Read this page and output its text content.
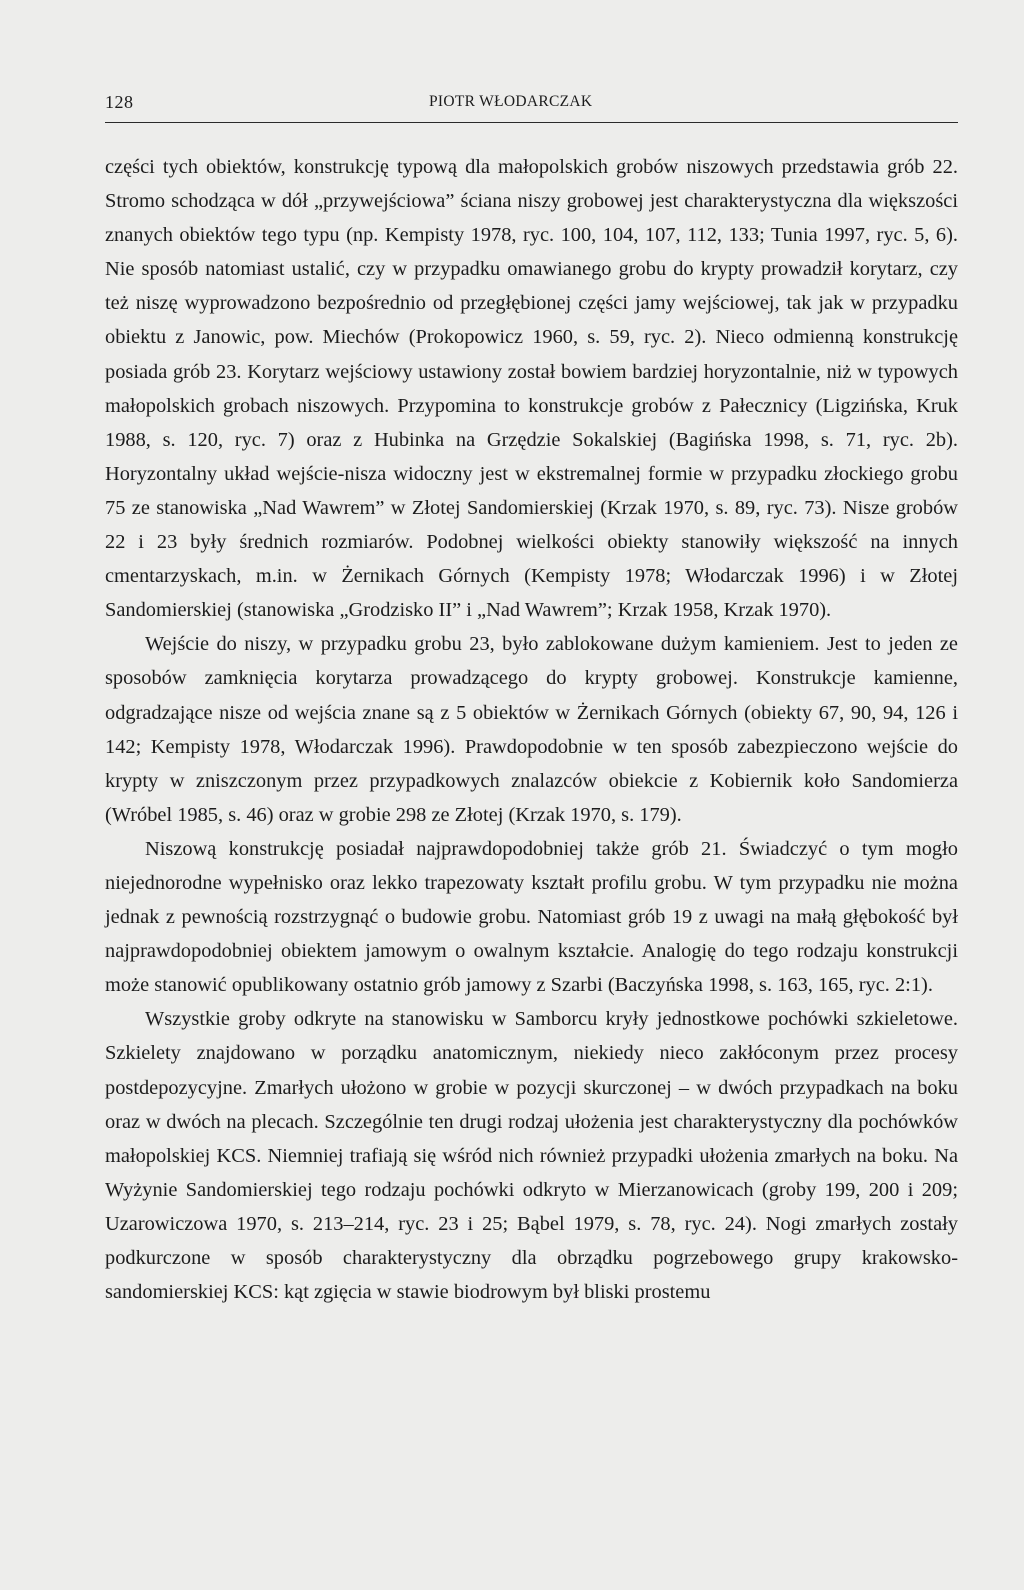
128	PIOTR WŁODARCZAK

części tych obiektów, konstrukcję typową dla małopolskich grobów niszowych przedstawia grób 22. Stromo schodząca w dół „przywejściowa” ściana niszy grobowej jest charakterystyczna dla większości znanych obiektów tego typu (np. Kempisty 1978, ryc. 100, 104, 107, 112, 133; Tunia 1997, ryc. 5, 6). Nie sposób natomiast ustalić, czy w przypadku omawianego grobu do krypty prowadził korytarz, czy też niszę wyprowadzono bezpośrednio od przegłębionej części jamy wejściowej, tak jak w przypadku obiektu z Janowic, pow. Miechów (Prokopowicz 1960, s. 59, ryc. 2). Nieco odmienną konstrukcję posiada grób 23. Korytarz wejściowy ustawiony został bowiem bardziej horyzontalnie, niż w typowych małopolskich grobach niszowych. Przypomina to konstrukcje grobów z Pałecznicy (Ligzińska, Kruk 1988, s. 120, ryc. 7) oraz z Hubinka na Grzędzie Sokalskiej (Bagińska 1998, s. 71, ryc. 2b). Horyzontalny układ wejście-nisza widoczny jest w ekstremalnej formie w przypadku złockiego grobu 75 ze stanowiska „Nad Wawrem” w Złotej Sandomierskiej (Krzak 1970, s. 89, ryc. 73). Nisze grobów 22 i 23 były średnich rozmiarów. Podobnej wielkości obiekty stanowiły większość na innych cmentarzyskach, m.in. w Żernikach Górnych (Kempisty 1978; Włodarczak 1996) i w Złotej Sandomierskiej (stanowiska „Grodzisko II” i „Nad Wawrem”; Krzak 1958, Krzak 1970).

Wejście do niszy, w przypadku grobu 23, było zablokowane dużym kamieniem. Jest to jeden ze sposobów zamknięcia korytarza prowadzącego do krypty grobowej. Konstrukcje kamienne, odgradzające nisze od wejścia znane są z 5 obiektów w Żernikach Górnych (obiekty 67, 90, 94, 126 i 142; Kempisty 1978, Włodarczak 1996). Prawdopodobnie w ten sposób zabezpieczono wejście do krypty w zniszczonym przez przypadkowych znalazców obiekcie z Kobiernik koło Sandomierza (Wróbel 1985, s. 46) oraz w grobie 298 ze Złotej (Krzak 1970, s. 179).

Niszową konstrukcję posiadał najprawdopodobniej także grób 21. Świadczyć o tym mogło niejednorodne wypełnisko oraz lekko trapezowaty kształt profilu grobu. W tym przypadku nie można jednak z pewnością rozstrzygnąć o budowie grobu. Natomiast grób 19 z uwagi na małą głębokość był najprawdopodobniej obiektem jamowym o owalnym kształcie. Analogię do tego rodzaju konstrukcji może stanowić opublikowany ostatnio grób jamowy z Szarbi (Baczyńska 1998, s. 163, 165, ryc. 2:1).

Wszystkie groby odkryte na stanowisku w Samborcu kryły jednostkowe pochówki szkieletowe. Szkielety znajdowano w porządku anatomicznym, niekiedy nieco zakłóconym przez procesy postdepozycyjne. Zmarłych ułożono w grobie w pozycji skurczonej – w dwóch przypadkach na boku oraz w dwóch na plecach. Szczególnie ten drugi rodzaj ułożenia jest charakterystyczny dla pochówków małopolskiej KCS. Niemniej trafiają się wśród nich również przypadki ułożenia zmarłych na boku. Na Wyżynie Sandomierskiej tego rodzaju pochówki odkryto w Mierzanowicach (groby 199, 200 i 209; Uzarowiczowa 1970, s. 213–214, ryc. 23 i 25; Bąbel 1979, s. 78, ryc. 24). Nogi zmarłych zostały podkurczone w sposób charakterystyczny dla obrządku pogrzebowego grupy krakowsko-sandomierskiej KCS: kąt zgięcia w stawie biodrowym był bliski prostemu
